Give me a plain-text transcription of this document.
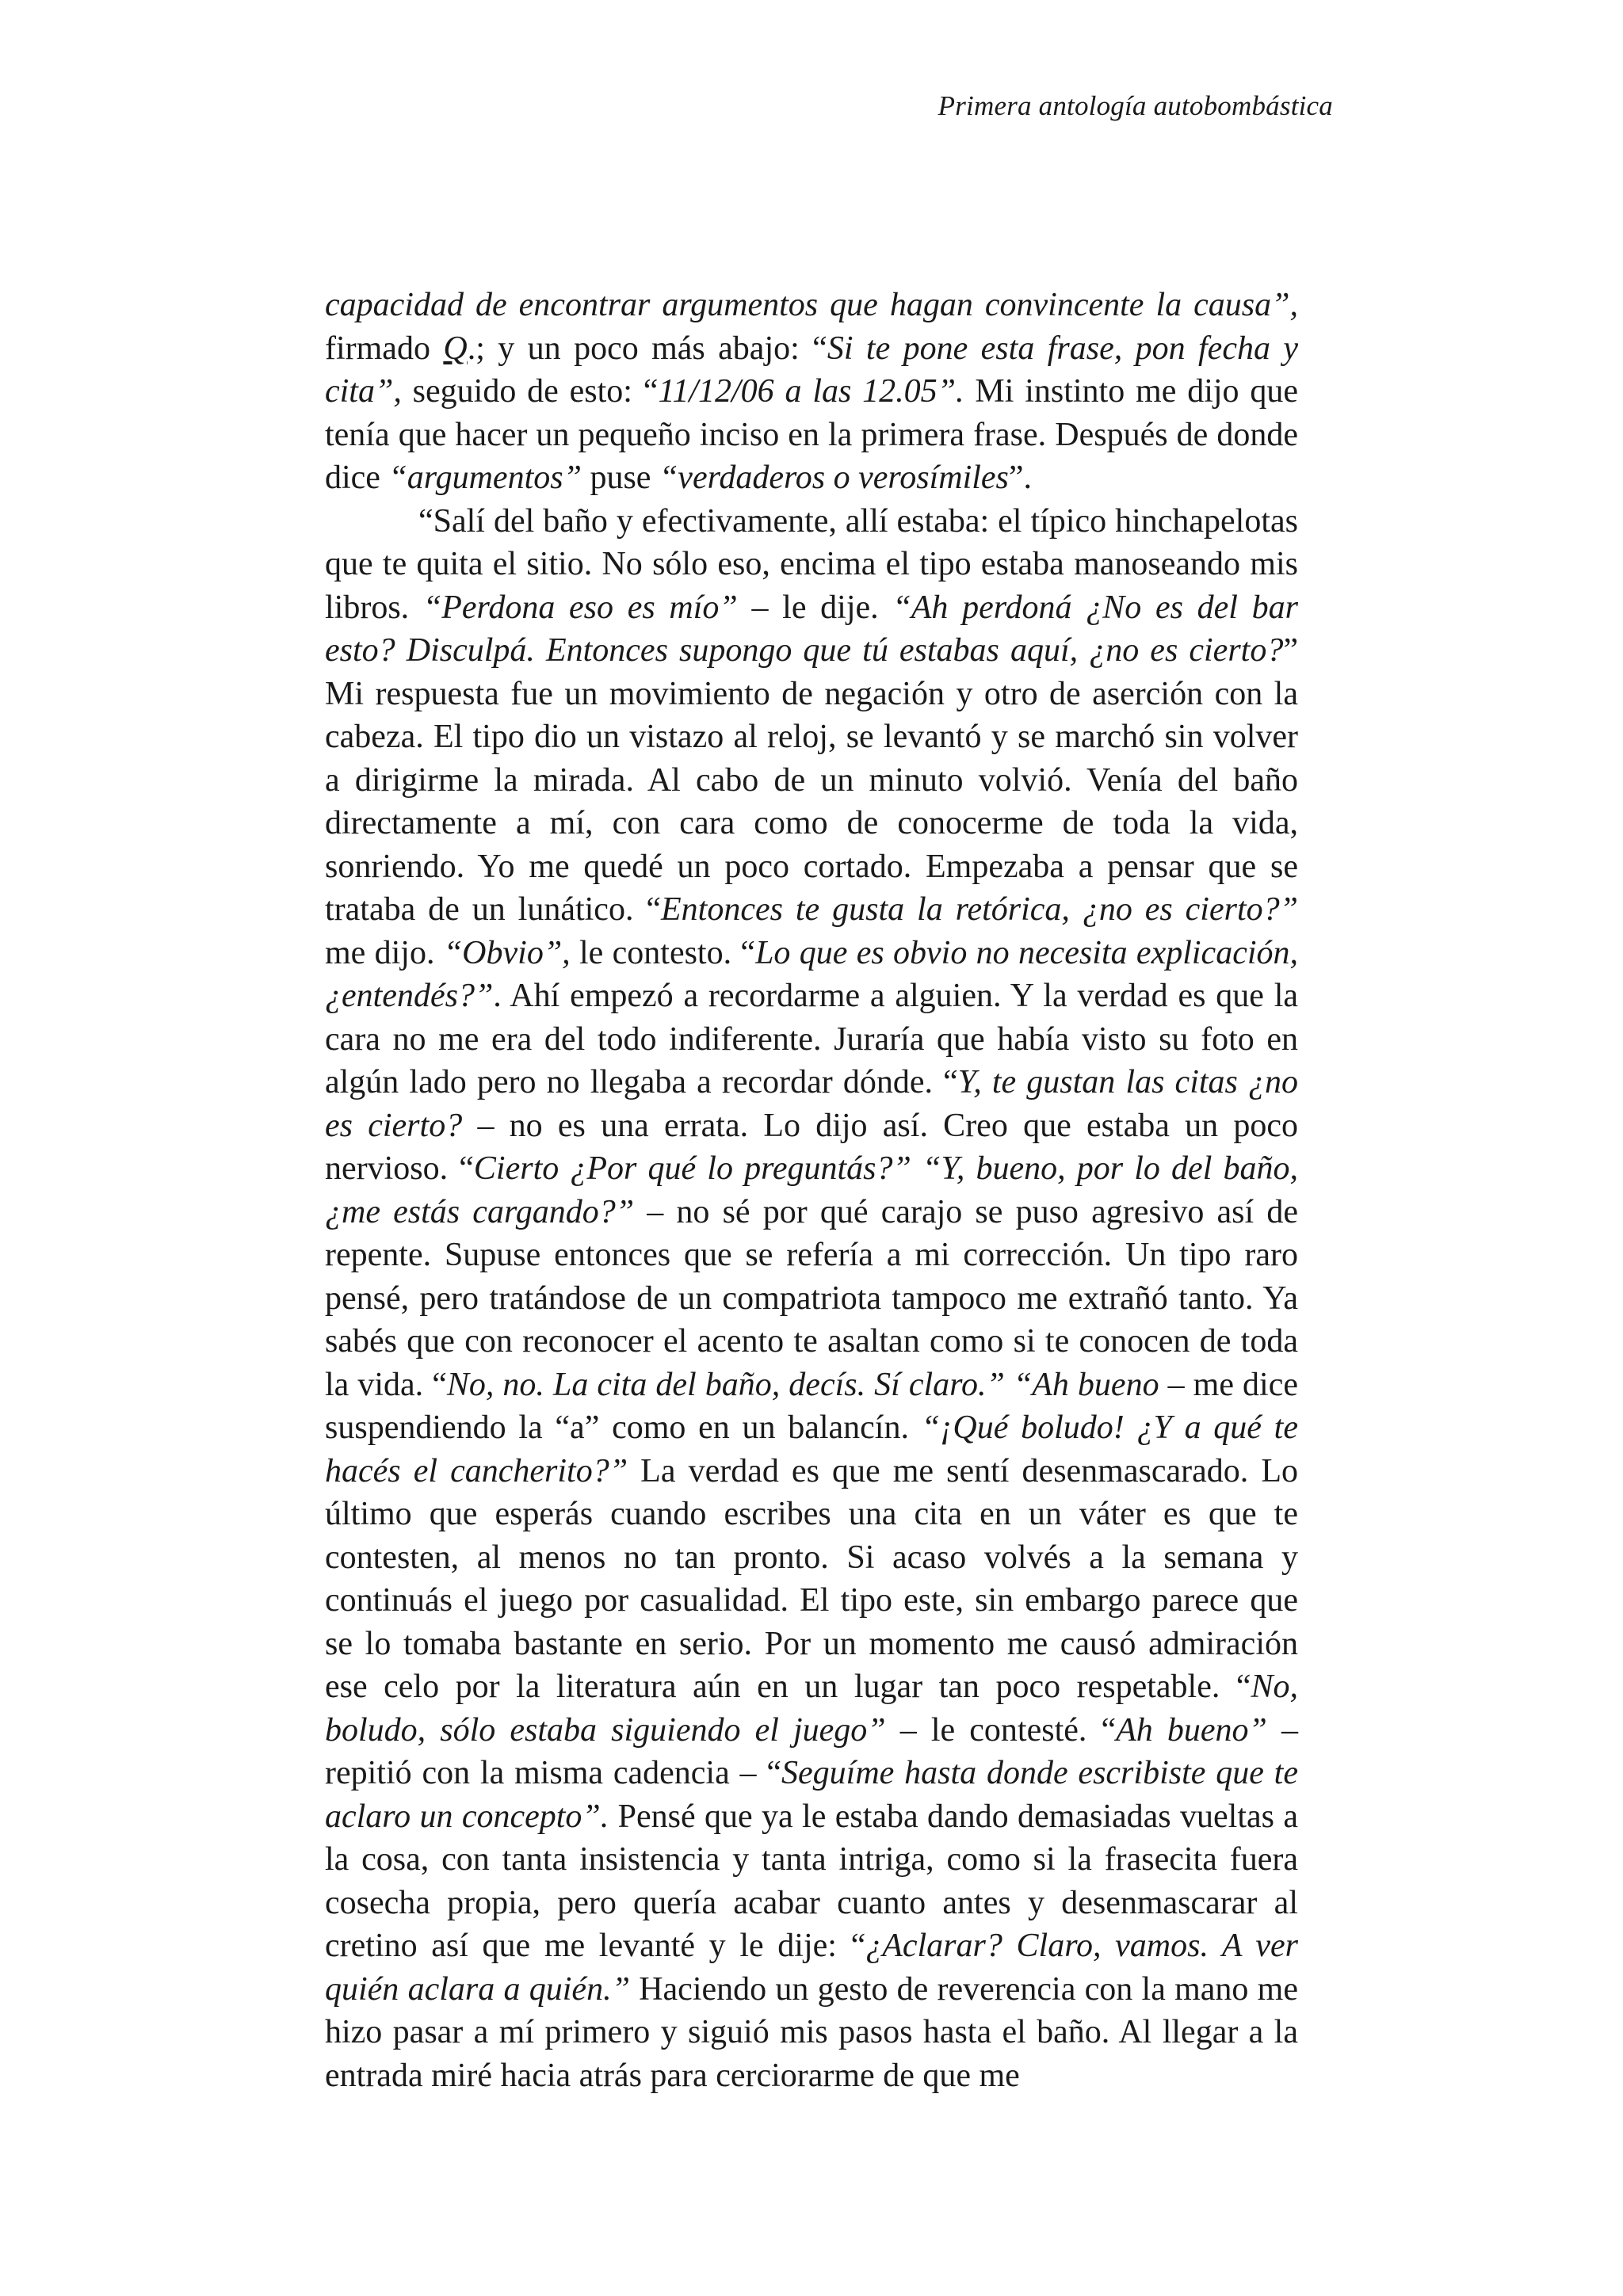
Primera antología autobombástica

capacidad de encontrar argumentos que hagan convincente la causa”, firmado Q.; y un poco más abajo: “Si te pone esta frase, pon fecha y cita”, seguido de esto: “11/12/06 a las 12.05”. Mi instinto me dijo que tenía que hacer un pequeño inciso en la primera frase. Después de donde dice “argumentos” puse “verdaderos o verosímiles”.

“Salí del baño y efectivamente, allí estaba: el típico hinchapelotas que te quita el sitio. No sólo eso, encima el tipo estaba manoseando mis libros. “Perdona eso es mío” – le dije. “Ah perdoná ¿No es del bar esto? Disculpá. Entonces supongo que tú estabas aquí, ¿no es cierto?” Mi respuesta fue un movimiento de negación y otro de aserción con la cabeza. El tipo dio un vistazo al reloj, se levantó y se marchó sin volver a dirigirme la mirada. Al cabo de un minuto volvió. Venía del baño directamente a mí, con cara como de conocerme de toda la vida, sonriendo. Yo me quedé un poco cortado. Empezaba a pensar que se trataba de un lunático. “Entonces te gusta la retórica, ¿no es cierto?” me dijo. “Obvio”, le contesto. “Lo que es obvio no necesita explicación, ¿entendés?”. Ahí empezó a recordarme a alguien. Y la verdad es que la cara no me era del todo indiferente. Juraría que había visto su foto en algún lado pero no llegaba a recordar dónde. “Y, te gustan las citas ¿no es cierto? – no es una errata. Lo dijo así. Creo que estaba un poco nervioso. “Cierto ¿Por qué lo preguntás?” “Y, bueno, por lo del baño, ¿me estás cargando?” – no sé por qué carajo se puso agresivo así de repente. Supuse entonces que se refería a mi corrección. Un tipo raro pensé, pero tratándose de un compatriota tampoco me extrañó tanto. Ya sabés que con reconocer el acento te asaltan como si te conocen de toda la vida. “No, no. La cita del baño, decís. Sí claro.” “Ah bueno – me dice suspendiendo la “a” como en un balancín. “¡Qué boludo! ¿Y a qué te hacés el cancherito?” La verdad es que me sentí desenmascarado. Lo último que esperás cuando escribes una cita en un váter es que te contesten, al menos no tan pronto. Si acaso volvés a la semana y continuás el juego por casualidad. El tipo este, sin embargo parece que se lo tomaba bastante en serio. Por un momento me causó admiración ese celo por la literatura aún en un lugar tan poco respetable. “No, boludo, sólo estaba siguiendo el juego” – le contesté. “Ah bueno” – repitió con la misma cadencia – “Seguíme hasta donde escribiste que te aclaro un concepto”. Pensé que ya le estaba dando demasiadas vueltas a la cosa, con tanta insistencia y tanta intriga, como si la frasecita fuera cosecha propia, pero quería acabar cuanto antes y desenmascarar al cretino así que me levanté y le dije: “¿Aclarar? Claro, vamos. A ver quién aclara a quién.” Haciendo un gesto de reverencia con la mano me hizo pasar a mí primero y siguió mis pasos hasta el baño. Al llegar a la entrada miré hacia atrás para cerciorarme de que me
